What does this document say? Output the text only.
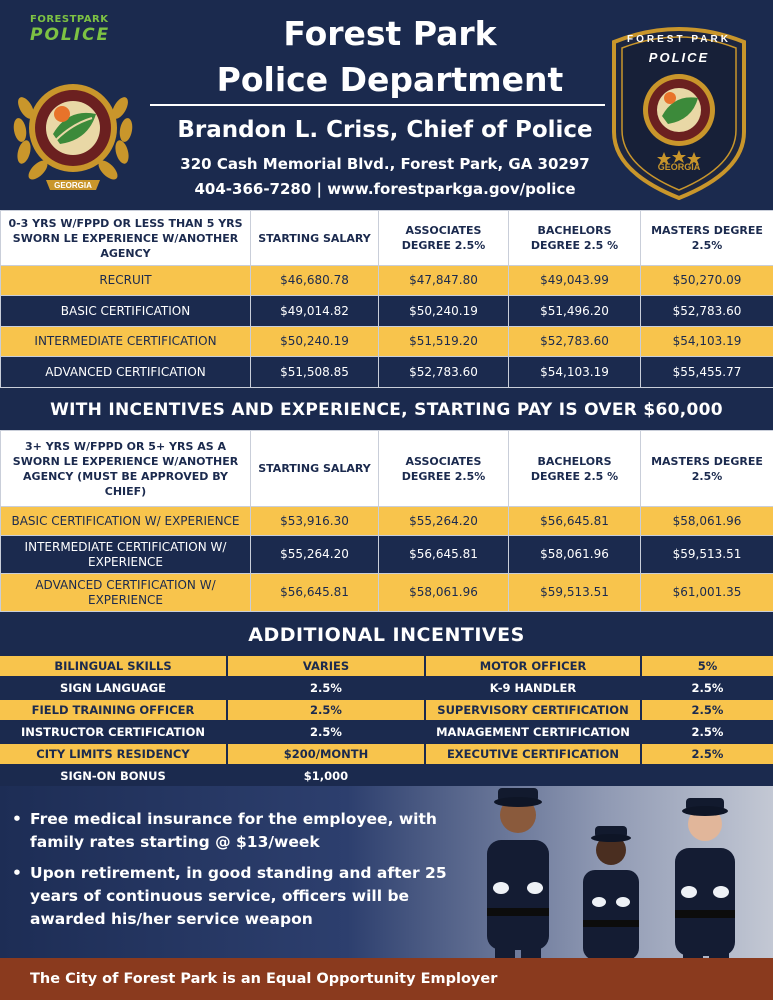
FORESTPARK
POLICE
GEORGIA
Forest Park
Police Department
Brandon L. Criss, Chief of Police
320 Cash Memorial Blvd., Forest Park, GA 30297
404-366-7280 | www.forestparkga.gov/police
FOREST PARK
POLICE
GEORGIA
0-3 YRS W/FPPD OR LESS THAN 5 YRS SWORN LE EXPERIENCE W/ANOTHER AGENCY	STARTING SALARY	ASSOCIATES DEGREE 2.5%	BACHELORS DEGREE 2.5 %	MASTERS DEGREE 2.5%
RECRUIT	$46,680.78	$47,847.80	$49,043.99	$50,270.09
BASIC CERTIFICATION	$49,014.82	$50,240.19	$51,496.20	$52,783.60
INTERMEDIATE CERTIFICATION	$50,240.19	$51,519.20	$52,783.60	$54,103.19
ADVANCED CERTIFICATION	$51,508.85	$52,783.60	$54,103.19	$55,455.77
WITH INCENTIVES AND EXPERIENCE, STARTING PAY IS OVER $60,000
3+ YRS W/FPPD OR 5+ YRS AS A SWORN LE EXPERIENCE W/ANOTHER AGENCY (MUST BE APPROVED BY CHIEF)	STARTING SALARY	ASSOCIATES DEGREE 2.5%	BACHELORS DEGREE 2.5 %	MASTERS DEGREE 2.5%
BASIC CERTIFICATION W/ EXPERIENCE	$53,916.30	$55,264.20	$56,645.81	$58,061.96
INTERMEDIATE CERTIFICATION W/ EXPERIENCE	$55,264.20	$56,645.81	$58,061.96	$59,513.51
ADVANCED CERTIFICATION W/ EXPERIENCE	$56,645.81	$58,061.96	$59,513.51	$61,001.35
ADDITIONAL INCENTIVES
BILINGUAL SKILLS	VARIES	MOTOR OFFICER	5%
SIGN LANGUAGE	2.5%	K-9 HANDLER	2.5%
FIELD TRAINING OFFICER	2.5%	SUPERVISORY CERTIFICATION	2.5%
INSTRUCTOR CERTIFICATION	2.5%	MANAGEMENT CERTIFICATION	2.5%
CITY LIMITS RESIDENCY	$200/MONTH	EXECUTIVE CERTIFICATION	2.5%
SIGN-ON BONUS	$1,000
• Free medical insurance for the employee, with family rates starting @ $13/week
• Upon retirement, in good standing and after 25 years of continuous service, officers will be awarded his/her service weapon
The City of Forest Park is an Equal Opportunity Employer
